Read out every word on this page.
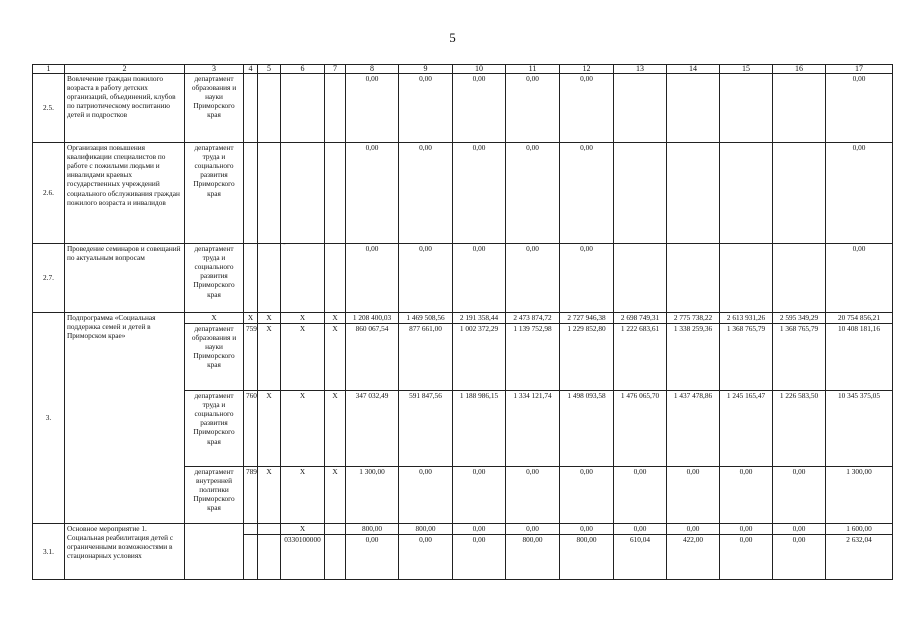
5
1	2	3	4	5	6	7	8	9	10	11	12	13	14	15	16	17
2.5.	Вовлечение граждан пожилого возраста в работу детских организаций, объединений, клубов по патриотическому воспитанию детей и подростков	департамент образования и науки Приморского края					0,00	0,00	0,00	0,00	0,00					0,00
2.6.	Организация повышения квалификации специалистов по работе с пожилыми людьми и инвалидами краевых государственных учреждений социального обслуживания граждан пожилого возраста и инвалидов	департамент труда и социального развития Приморского края					0,00	0,00	0,00	0,00	0,00					0,00
2.7.	Проведение семинаров и совещаний по актуальным вопросам	департамент труда и социального развития Приморского края					0,00	0,00	0,00	0,00	0,00					0,00
3.	Подпрограмма «Социальная поддержка семей и детей в Приморском крае»	X	X	X	X	X	1 208 400,03	1 469 508,56	2 191 358,44	2 473 874,72	2 727 946,38	2 698 749,31	2 775 738,22	2 613 931,26	2 595 349,29	20 754 856,21
		департамент образования и науки Приморского края	759	X	X	X	860 067,54	877 661,00	1 002 372,29	1 139 752,98	1 229 852,80	1 222 683,61	1 338 259,36	1 368 765,79	1 368 765,79	10 408 181,16
		департамент труда и социального развития Приморского края	760	X	X	X	347 032,49	591 847,56	1 188 986,15	1 334 121,74	1 498 093,58	1 476 065,70	1 437 478,86	1 245 165,47	1 226 583,50	10 345 375,05
		департамент внутренней политики Приморского края	789	X	X	X	1 300,00	0,00	0,00	0,00	0,00	0,00	0,00	0,00	0,00	1 300,00
3.1.	Основное мероприятие 1. Социальная реабилитация детей с ограниченными возможностями в стационарных условиях				X		800,00	800,00	0,00	0,00	0,00	0,00	0,00	0,00	0,00	1 600,00
					0330100000		0,00	0,00	0,00	800,00	800,00	610,04	422,00	0,00	0,00	2 632,04
-
